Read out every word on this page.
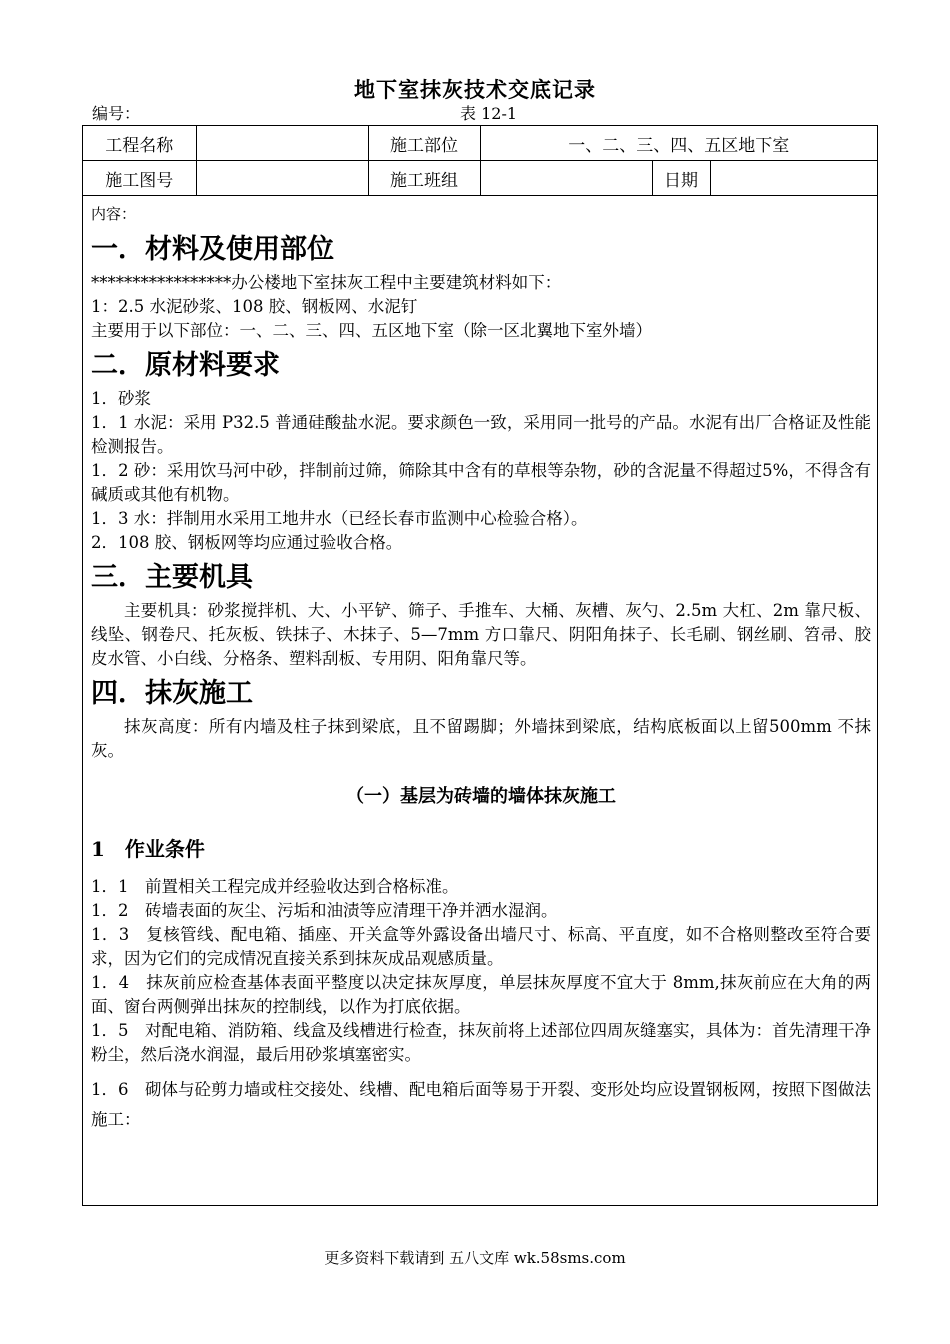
地下室抹灰技术交底记录
编号：	表 12-1
工程名称		施工部位	一、二、三、四、五区地下室		
施工图号		施工班组		日期	

内容：

一．材料及使用部位

*****************办公楼地下室抹灰工程中主要建筑材料如下：

1：2.5 水泥砂浆、108 胶、钢板网、水泥钉

主要用于以下部位：一、二、三、四、五区地下室（除一区北翼地下室外墙）

二．原材料要求

1．砂浆

1．1 水泥：采用 P32.5 普通硅酸盐水泥。要求颜色一致，采用同一批号的产品。水泥有出厂合格证及性能检测报告。

1．2 砂：采用饮马河中砂，拌制前过筛，筛除其中含有的草根等杂物，砂的含泥量不得超过5%，不得含有碱质或其他有机物。

1．3 水：拌制用水采用工地井水（已经长春市监测中心检验合格）。

2．108 胶、钢板网等均应通过验收合格。

三．主要机具

主要机具：砂浆搅拌机、大、小平铲、筛子、手推车、大桶、灰槽、灰勺、2.5m 大杠、2m 靠尺板、线坠、钢卷尺、托灰板、铁抹子、木抹子、5—7mm 方口靠尺、阴阳角抹子、长毛刷、钢丝刷、笤帚、胶皮水管、小白线、分格条、塑料刮板、专用阴、阳角靠尺等。

四．抹灰施工

抹灰高度：所有内墙及柱子抹到梁底，且不留踢脚；外墙抹到梁底，结构底板面以上留500mm 不抹灰。

（一）基层为砖墙的墙体抹灰施工

1　作业条件

1．1　前置相关工程完成并经验收达到合格标准。

1．2　砖墙表面的灰尘、污垢和油渍等应清理干净并洒水湿润。

1．3　复核管线、配电箱、插座、开关盒等外露设备出墙尺寸、标高、平直度，如不合格则整改至符合要求，因为它们的完成情况直接关系到抹灰成品观感质量。

1．4　抹灰前应检查基体表面平整度以决定抹灰厚度，单层抹灰厚度不宜大于 8mm,抹灰前应在大角的两面、窗台两侧弹出抹灰的控制线，以作为打底依据。

1．5　对配电箱、消防箱、线盒及线槽进行检查，抹灰前将上述部位四周灰缝塞实，具体为：首先清理干净粉尘，然后浇水润湿，最后用砂浆填塞密实。

1．6　砌体与砼剪力墙或柱交接处、线槽、配电箱后面等易于开裂、变形处均应设置钢板网，按照下图做法施工：

更多资料下载请到 五八文库 wk.58sms.com
